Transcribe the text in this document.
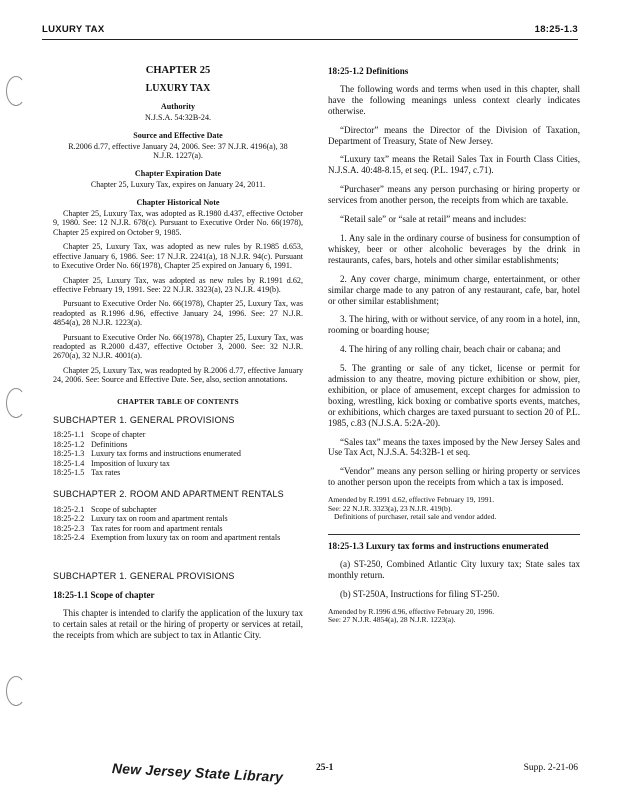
LUXURY TAX	18:25-1.3
CHAPTER 25
LUXURY TAX
Authority
N.J.S.A. 54:32B-24.
Source and Effective Date
R.2006 d.77, effective January 24, 2006. See: 37 N.J.R. 4196(a), 38 N.J.R. 1227(a).
Chapter Expiration Date
Chapter 25, Luxury Tax, expires on January 24, 2011.
Chapter Historical Note
Chapter 25, Luxury Tax, was adopted as R.1980 d.437, effective October 9, 1980. See: 12 N.J.R. 678(c). Pursuant to Executive Order No. 66(1978), Chapter 25 expired on October 9, 1985.
Chapter 25, Luxury Tax, was adopted as new rules by R.1985 d.653, effective January 6, 1986. See: 17 N.J.R. 2241(a), 18 N.J.R. 94(c). Pursuant to Executive Order No. 66(1978), Chapter 25 expired on January 6, 1991.
Chapter 25, Luxury Tax, was adopted as new rules by R.1991 d.62, effective February 19, 1991. See: 22 N.J.R. 3323(a), 23 N.J.R. 419(b).
Pursuant to Executive Order No. 66(1978), Chapter 25, Luxury Tax, was readopted as R.1996 d.96, effective January 24, 1996. See: 27 N.J.R. 4854(a), 28 N.J.R. 1223(a).
Pursuant to Executive Order No. 66(1978), Chapter 25, Luxury Tax, was readopted as R.2000 d.437, effective October 3, 2000. See: 32 N.J.R. 2670(a), 32 N.J.R. 4001(a).
Chapter 25, Luxury Tax, was readopted by R.2006 d.77, effective January 24, 2006. See: Source and Effective Date. See, also, section annotations.
CHAPTER TABLE OF CONTENTS
SUBCHAPTER 1. GENERAL PROVISIONS
18:25-1.1 Scope of chapter
18:25-1.2 Definitions
18:25-1.3 Luxury tax forms and instructions enumerated
18:25-1.4 Imposition of luxury tax
18:25-1.5 Tax rates
SUBCHAPTER 2. ROOM AND APARTMENT RENTALS
18:25-2.1 Scope of subchapter
18:25-2.2 Luxury tax on room and apartment rentals
18:25-2.3 Tax rates for room and apartment rentals
18:25-2.4 Exemption from luxury tax on room and apartment rentals
SUBCHAPTER 1. GENERAL PROVISIONS
18:25-1.1 Scope of chapter
This chapter is intended to clarify the application of the luxury tax to certain sales at retail or the hiring of property or services at retail, the receipts from which are subject to tax in Atlantic City.
18:25-1.2 Definitions
The following words and terms when used in this chapter, shall have the following meanings unless context clearly indicates otherwise.
“Director” means the Director of the Division of Taxation, Department of Treasury, State of New Jersey.
“Luxury tax” means the Retail Sales Tax in Fourth Class Cities, N.J.S.A. 40:48-8.15, et seq. (P.L. 1947, c.71).
“Purchaser” means any person purchasing or hiring property or services from another person, the receipts from which are taxable.
“Retail sale” or “sale at retail” means and includes:
1. Any sale in the ordinary course of business for consumption of whiskey, beer or other alcoholic beverages by the drink in restaurants, cafes, bars, hotels and other similar establishments;
2. Any cover charge, minimum charge, entertainment, or other similar charge made to any patron of any restaurant, cafe, bar, hotel or other similar establishment;
3. The hiring, with or without service, of any room in a hotel, inn, rooming or boarding house;
4. The hiring of any rolling chair, beach chair or cabana; and
5. The granting or sale of any ticket, license or permit for admission to any theatre, moving picture exhibition or show, pier, exhibition, or place of amusement, except charges for admission to boxing, wrestling, kick boxing or combative sports events, matches, or exhibitions, which charges are taxed pursuant to section 20 of P.L. 1985, c.83 (N.J.S.A. 5:2A-20).
“Sales tax” means the taxes imposed by the New Jersey Sales and Use Tax Act, N.J.S.A. 54:32B-1 et seq.
“Vendor” means any person selling or hiring property or services to another person upon the receipts from which a tax is imposed.
Amended by R.1991 d.62, effective February 19, 1991.
See: 22 N.J.R. 3323(a), 23 N.J.R. 419(b).
Definitions of purchaser, retail sale and vendor added.
18:25-1.3 Luxury tax forms and instructions enumerated
(a) ST-250, Combined Atlantic City luxury tax; State sales tax monthly return.
(b) ST-250A, Instructions for filing ST-250.
Amended by R.1996 d.96, effective February 20, 1996.
See: 27 N.J.R. 4854(a), 28 N.J.R. 1223(a).
New Jersey State Library	25-1	Supp. 2-21-06
